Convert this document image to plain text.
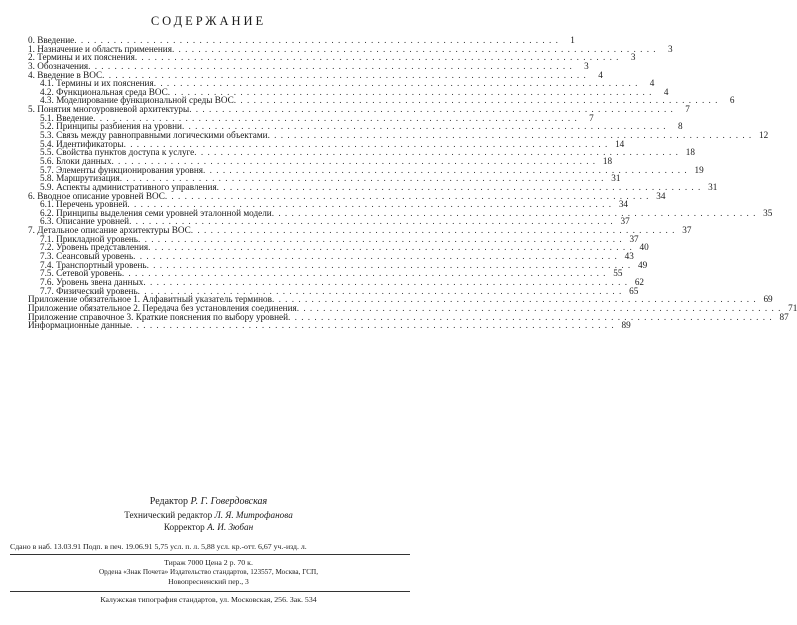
СОДЕРЖАНИЕ
0. Введение . . .	1
1. Назначение и область применения . . .	3
2. Термины и их пояснения . . .	3
3. Обозначения . . .	3
4. Введение в ВОС . . .	4
4.1. Термины и их пояснения . . .	4
4.2. Функциональная среда ВОС . . .	4
4.3. Моделирование функциональной среды ВОС . . .	6
5. Понятия многоуровневой архитектуры . . .	7
5.1. Введение . . .	7
5.2. Принципы разбиения на уровни . . .	8
5.3. Связь между равноправными логическими объектами . . .	12
5.4. Идентификаторы . . .	14
5.5. Свойства пунктов доступа к услуге . . .	18
5.6. Блоки данных . . .	18
5.7. Элементы функционирования уровня . . .	19
5.8. Маршрутизация . . .	31
5.9. Аспекты административного управления . . .	31
6. Вводное описание уровней ВОС . . .	34
6.1. Перечень уровней . . .	34
6.2. Принципы выделения семи уровней эталонной модели . . .	35
6.3. Описание уровней . . .	37
7. Детальное описание архитектуры ВОС . . .	37
7.1. Прикладной уровень . . .	37
7.2. Уровень представления . . .	40
7.3. Сеансовый уровень . . .	43
7.4. Транспортный уровень . . .	49
7.5. Сетевой уровень . . .	55
7.6. Уровень звена данных . . .	62
7.7. Физический уровень . . .	65
Приложение обязательное 1. Алфавитный указатель терминов . . .	69
Приложение обязательное 2. Передача без установления соединения . . .	71
Приложение справочное 3. Краткие пояснения по выбору уровней . . .	87
Информационные данные . . .	89
Редактор Р. Г. Говердовская
Технический редактор Л. Я. Митрофанова
Корректор А. И. Зюбан
Сдано в наб. 13.03.91 Подп. в печ. 19.06.91 5,75 усл. п. л. 5,88 усл. кр.-отт. 6,67 уч.-изд. л.
Тираж 7000 Цена 2 р. 70 к.
Ордена «Знак Почета» Издательство стандартов, 123557, Москва, ГСП,
Новопресненский пер., 3
Калужская типография стандартов, ул. Московская, 256. Зак. 534
